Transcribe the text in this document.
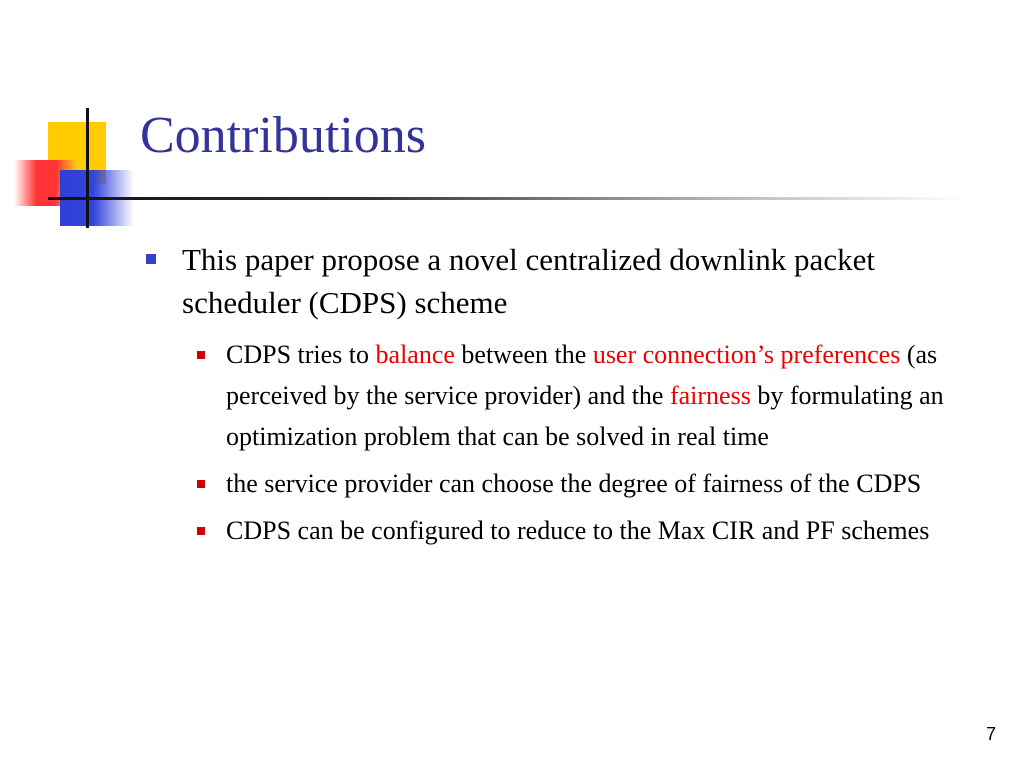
Contributions
This paper propose a novel centralized downlink packet scheduler (CDPS) scheme
CDPS tries to balance between the user connection’s preferences (as perceived by the service provider) and the fairness by formulating an optimization problem that can be solved in real time
the service provider can choose the degree of fairness of the CDPS
CDPS can be configured to reduce to the Max CIR and PF schemes
7
